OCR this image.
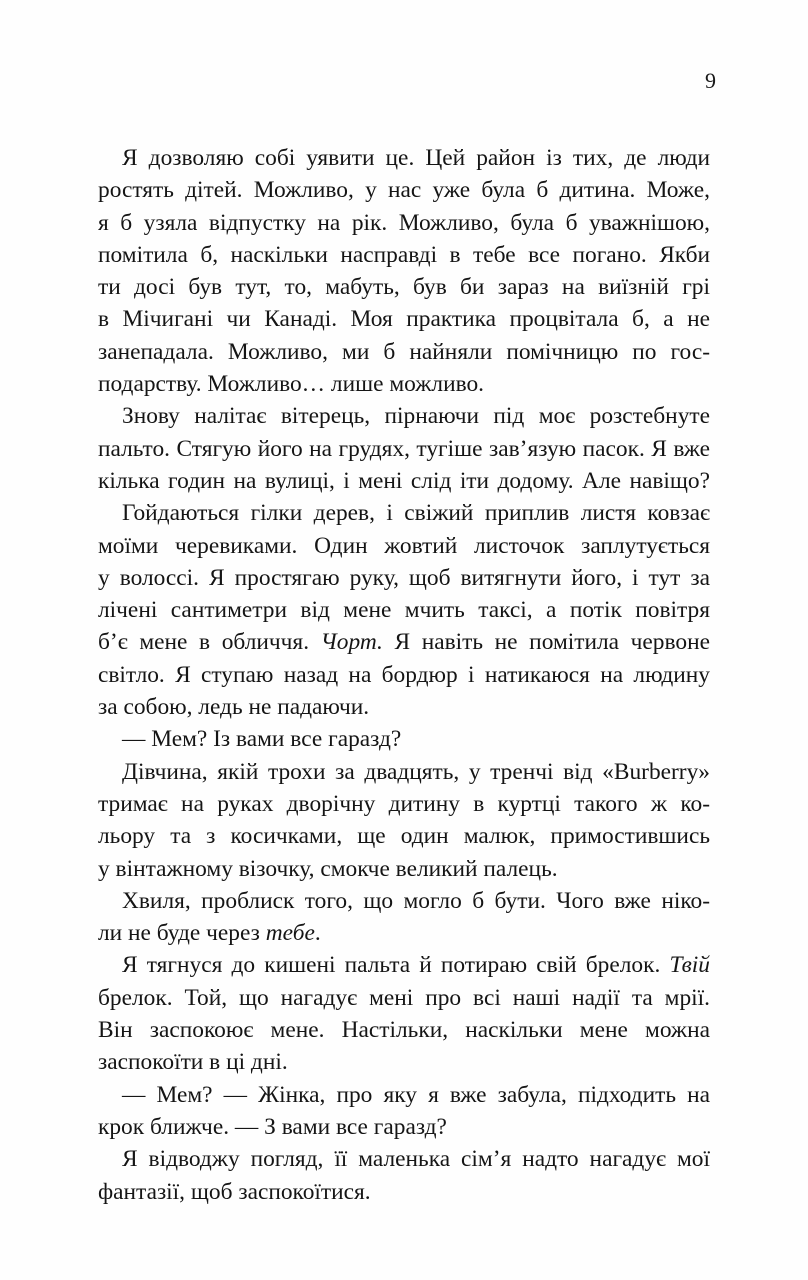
9
Я дозволяю собі уявити це. Цей район із тих, де люди
ростять дітей. Можливо, у нас уже була б дитина. Може,
я б узяла відпустку на рік. Можливо, була б уважнішою,
помітила б, наскільки насправді в тебе все погано. Якби
ти досі був тут, то, мабуть, був би зараз на виїзній грі
в Мічигані чи Канаді. Моя практика процвітала б, а не
занепадала. Можливо, ми б найняли помічницю по гос-
подарству. Можливо… лише можливо.
Знову налітає вітерець, пірнаючи під моє розстебнуте
пальто. Стягую його на грудях, тугіше зав’язую пасок. Я вже
кілька годин на вулиці, і мені слід іти додому. Але навіщо?
Гойдаються гілки дерев, і свіжий приплив листя ковзає
моїми черевиками. Один жовтий листочок заплутується
у волоссі. Я простягаю руку, щоб витягнути його, і тут за
лічені сантиметри від мене мчить таксі, а потік повітря
б’є мене в обличчя. Чорт. Я навіть не помітила червоне
світло. Я ступаю назад на бордюр і натикаюся на людину
за собою, ледь не падаючи.
— Мем? Із вами все гаразд?
Дівчина, якій трохи за двадцять, у тренчі від «Burberry»
тримає на руках дворічну дитину в куртці такого ж ко-
льору та з косичками, ще один малюк, примостившись
у вінтажному візочку, смокче великий палець.
Хвиля, проблиск того, що могло б бути. Чого вже ніко-
ли не буде через тебе.
Я тягнуся до кишені пальта й потираю свій брелок. Твій
брелок. Той, що нагадує мені про всі наші надії та мрії.
Він заспокоює мене. Настільки, наскільки мене можна
заспокоїти в ці дні.
— Мем? — Жінка, про яку я вже забула, підходить на
крок ближче. — З вами все гаразд?
Я відводжу погляд, її маленька сім’я надто нагадує мої
фантазії, щоб заспокоїтися.
